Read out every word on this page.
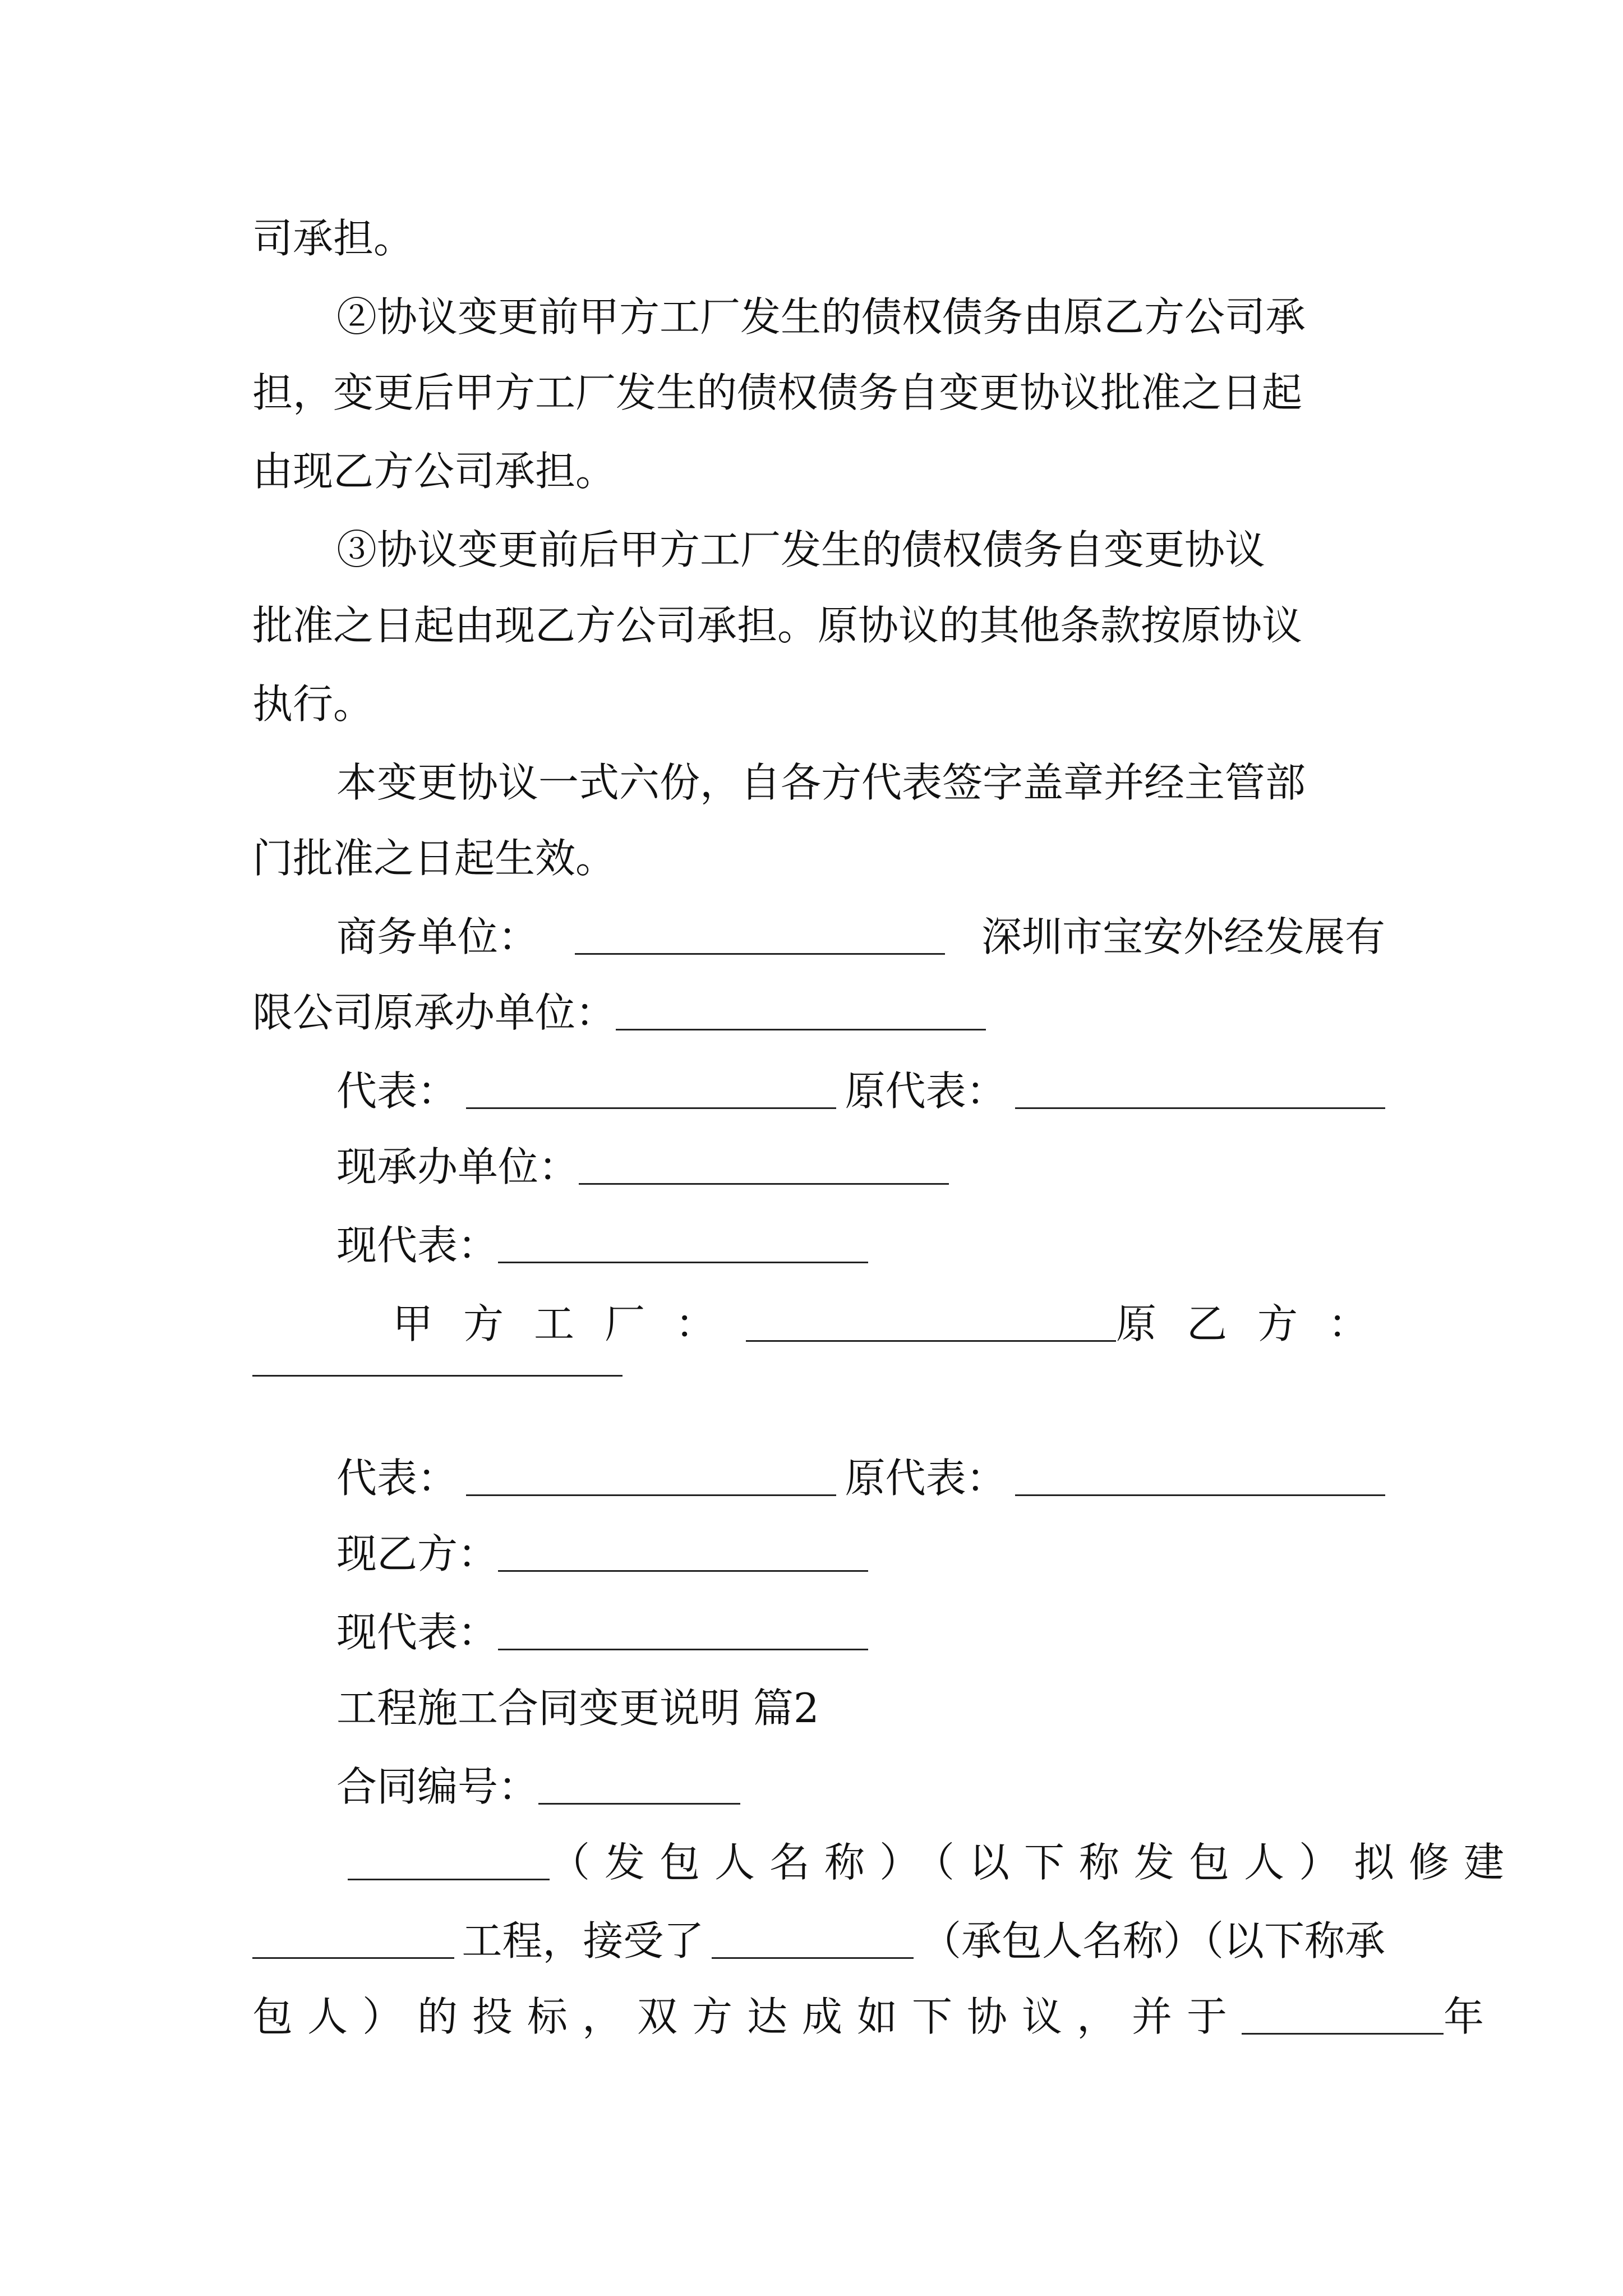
司承担。
②协议变更前甲方工厂发生的债权债务由原乙方公司承
担，变更后甲方工厂发生的债权债务自变更协议批准之日起
由现乙方公司承担。
③协议变更前后甲方工厂发生的债权债务自变更协议
批准之日起由现乙方公司承担。原协议的其他条款按原协议
执行。
本变更协议一式六份，自各方代表签字盖章并经主管部
门批准之日起生效。
商务单位：	深圳市宝安外经发展有
限公司原承办单位：
代表：	原代表：
现承办单位：
现代表：
甲方工厂：	原乙方：
代表：	原代表：
现乙方：
现代表：
工程施工合同变更说明 篇2
合同编号：
（发包人名称）（以下称发包人）拟修建
工程，接受了	（承包人名称）（以下称承
包人）的投标，双方达成如下协议，并于	年
